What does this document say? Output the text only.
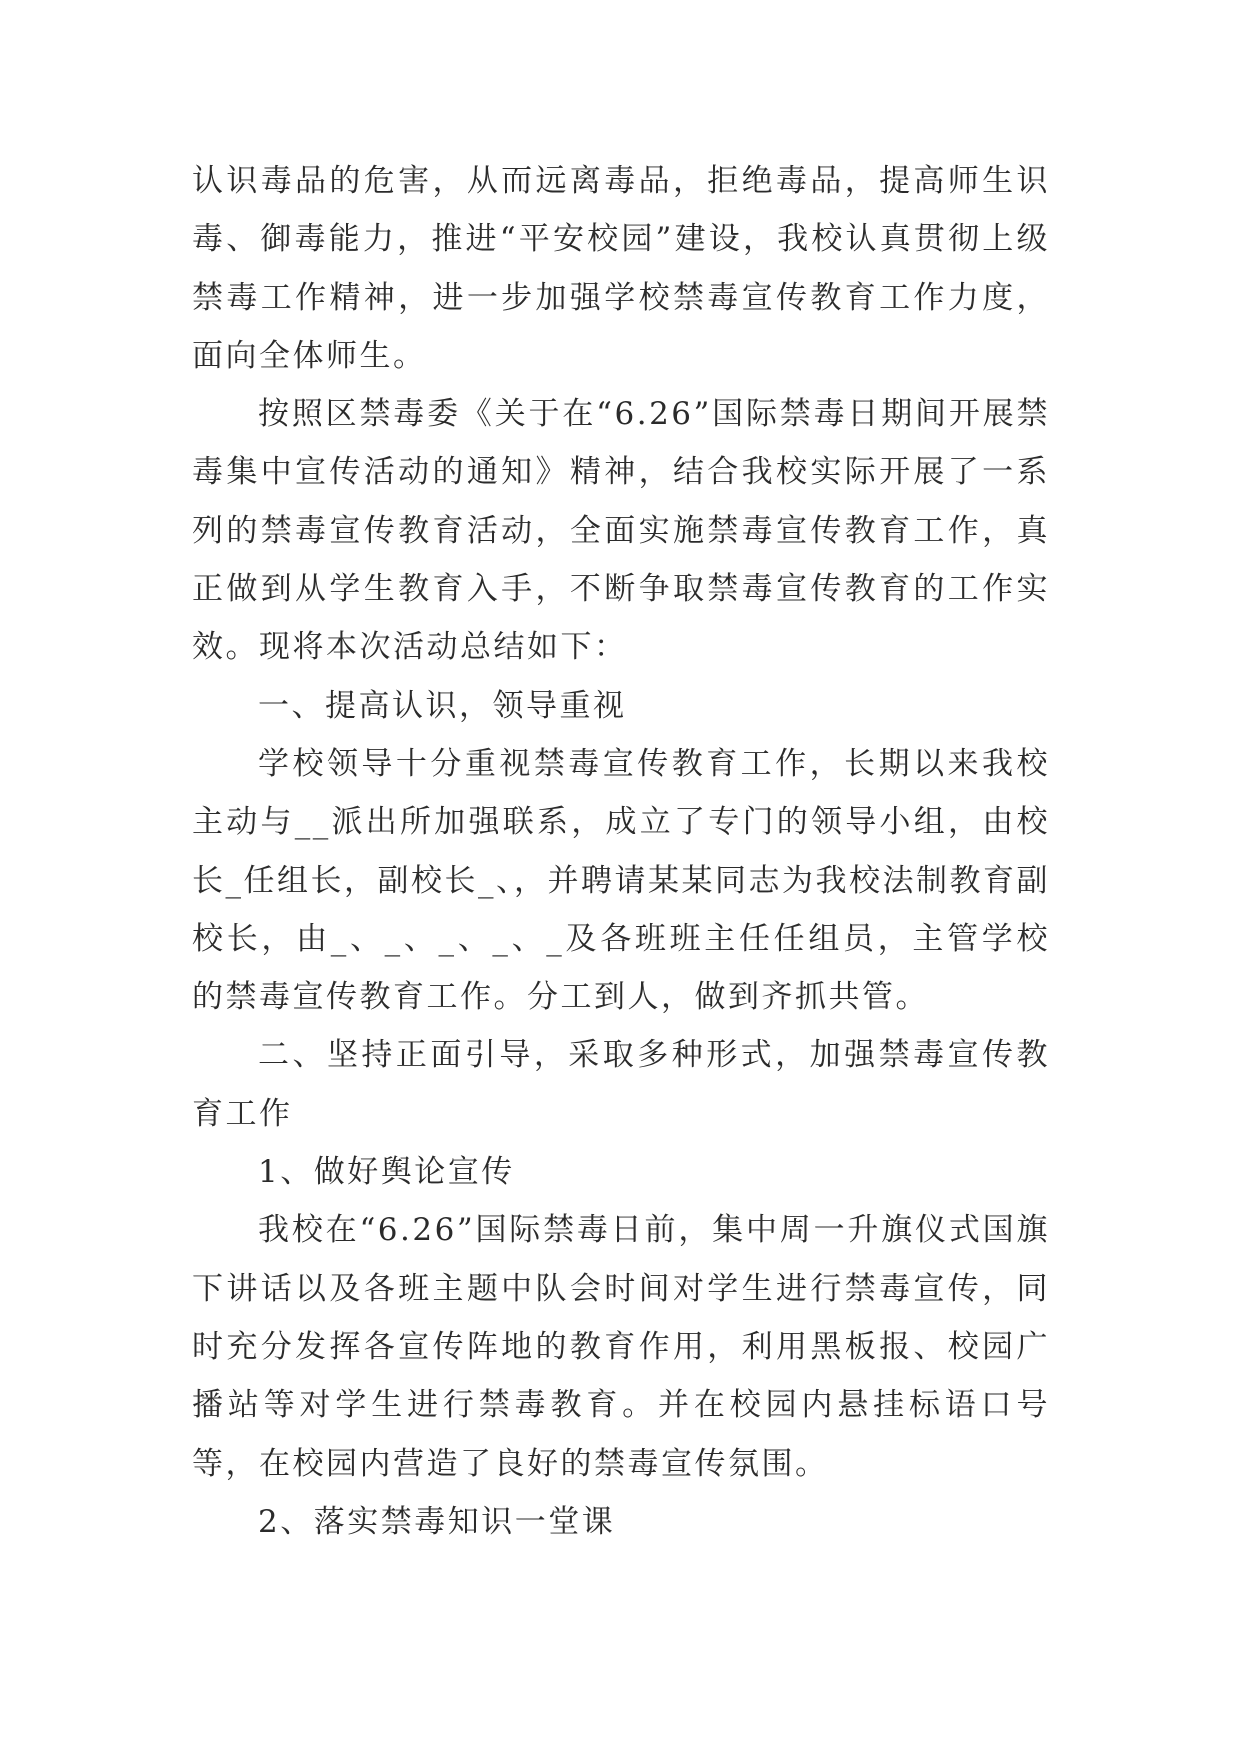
认识毒品的危害，从而远离毒品，拒绝毒品，提高师生识毒、御毒能力，推进“平安校园”建设，我校认真贯彻上级禁毒工作精神，进一步加强学校禁毒宣传教育工作力度，面向全体师生。

按照区禁毒委《关于在“6.26”国际禁毒日期间开展禁毒集中宣传活动的通知》精神，结合我校实际开展了一系列的禁毒宣传教育活动，全面实施禁毒宣传教育工作，真正做到从学生教育入手，不断争取禁毒宣传教育的工作实效。现将本次活动总结如下：

一、提高认识，领导重视

学校领导十分重视禁毒宣传教育工作，长期以来我校主动与__派出所加强联系，成立了专门的领导小组，由校长_任组长，副校长_、，并聘请某某同志为我校法制教育副校长，由_、_、_、_、_及各班班主任任组员，主管学校的禁毒宣传教育工作。分工到人，做到齐抓共管。

二、坚持正面引导，采取多种形式，加强禁毒宣传教育工作

1、做好舆论宣传

我校在“6.26”国际禁毒日前，集中周一升旗仪式国旗下讲话以及各班主题中队会时间对学生进行禁毒宣传，同时充分发挥各宣传阵地的教育作用，利用黑板报、校园广播站等对学生进行禁毒教育。并在校园内悬挂标语口号等，在校园内营造了良好的禁毒宣传氛围。

2、落实禁毒知识一堂课
